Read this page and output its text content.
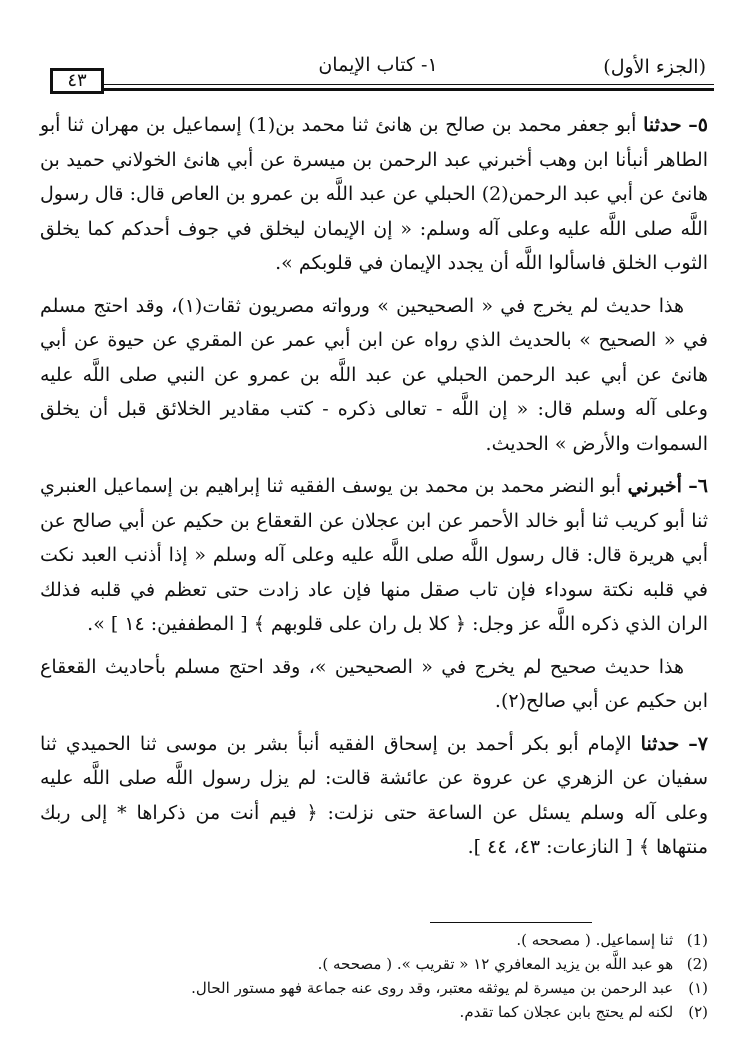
(الجزء الأول)
١- كتاب الإيمان
٤٣

٥– حدثنا أبو جعفر محمد بن صالح بن هانئ ثنا محمد بن(1) إسماعيل بن مهران ثنا أبو الطاهر أنبأنا ابن وهب أخبرني عبد الرحمن بن ميسرة عن أبي هانئ الخولاني حميد بن هانئ عن أبي عبد الرحمن(2) الحبلي عن عبد اللَّه بن عمرو بن العاص قال: قال رسول اللَّه صلى اللَّه عليه وعلى آله وسلم: « إن الإيمان ليخلق في جوف أحدكم كما يخلق الثوب الخلق فاسألوا اللَّه أن يجدد الإيمان في قلوبكم ».

هذا حديث لم يخرج في « الصحيحين » ورواته مصريون ثقات(١)، وقد احتج مسلم في « الصحيح » بالحديث الذي رواه عن ابن أبي عمر عن المقري عن حيوة عن أبي هانئ عن أبي عبد الرحمن الحبلي عن عبد اللَّه بن عمرو عن النبي صلى اللَّه عليه وعلى آله وسلم قال: « إن اللَّه - تعالى ذكره - كتب مقادير الخلائق قبل أن يخلق السموات والأرض » الحديث.

٦– أخبرني أبو النضر محمد بن محمد بن يوسف الفقيه ثنا إبراهيم بن إسماعيل العنبري ثنا أبو كريب ثنا أبو خالد الأحمر عن ابن عجلان عن القعقاع بن حكيم عن أبي صالح عن أبي هريرة قال: قال رسول اللَّه صلى اللَّه عليه وعلى آله وسلم « إذا أذنب العبد نكت في قلبه نكتة سوداء فإن تاب صقل منها فإن عاد زادت حتى تعظم في قلبه فذلك الران الذي ذكره اللَّه عز وجل: ﴿ كلا بل ران على قلوبهم ﴾ [ المطففين: ١٤ ] ».

هذا حديث صحيح لم يخرج في « الصحيحين »، وقد احتج مسلم بأحاديث القعقاع ابن حكيم عن أبي صالح(٢).

٧– حدثنا الإمام أبو بكر أحمد بن إسحاق الفقيه أنبأ بشر بن موسى ثنا الحميدي ثنا سفيان عن الزهري عن عروة عن عائشة قالت: لم يزل رسول اللَّه صلى اللَّه عليه وعلى آله وسلم يسئل عن الساعة حتى نزلت: ﴿ فيم أنت من ذكراها * إلى ربك منتهاها ﴾ [ النازعات: ٤٣، ٤٤ ].

(1) ثنا إسماعيل. ( مصححه ).

(2) هو عبد اللَّه بن يزيد المعافري ١٢ « تقريب ». ( مصححه ).

(١) عبد الرحمن بن ميسرة لم يوثقه معتبر، وقد روى عنه جماعة فهو مستور الحال.

(٢) لكنه لم يحتج بابن عجلان كما تقدم.
